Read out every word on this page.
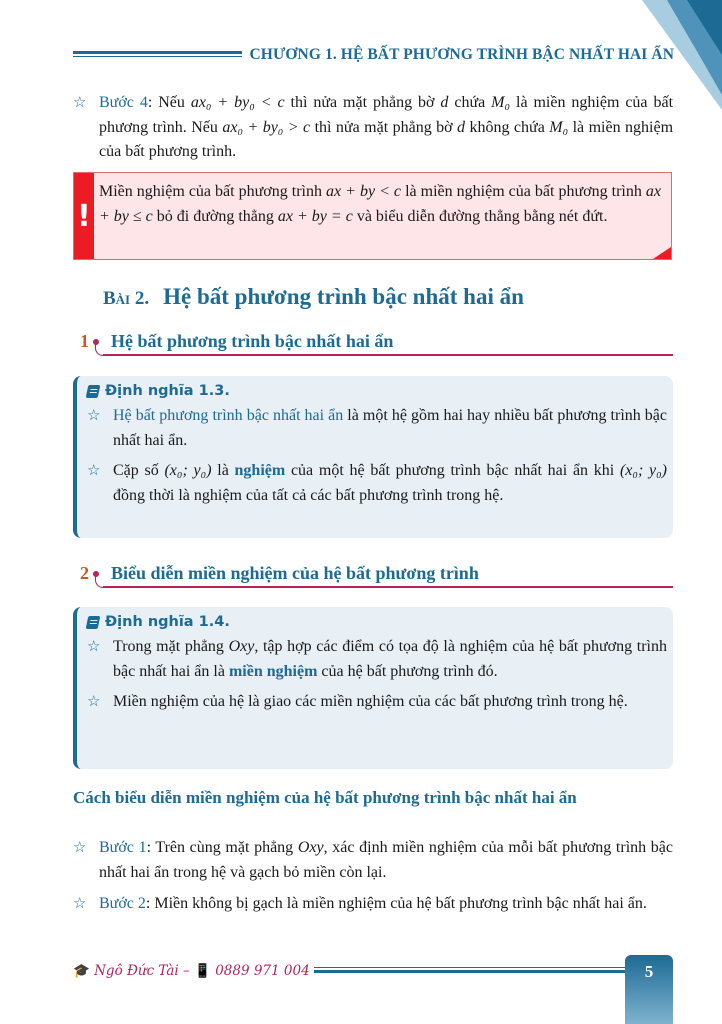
CHƯƠNG 1. HỆ BẤT PHƯƠNG TRÌNH BẬC NHẤT HAI ẨN
☆ Bước 4: Nếu ax₀ + by₀ < c thì nửa mặt phẳng bờ d chứa M₀ là miền nghiệm của bất phương trình. Nếu ax₀ + by₀ > c thì nửa mặt phẳng bờ d không chứa M₀ là miền nghiệm của bất phương trình.
!
Miền nghiệm của bất phương trình ax + by < c là miền nghiệm của bất phương trình ax + by ≤ c bỏ đi đường thẳng ax + by = c và biểu diễn đường thẳng bằng nét đứt.
Bài 2. Hệ bất phương trình bậc nhất hai ẩn
1 Hệ bất phương trình bậc nhất hai ẩn
Định nghĩa 1.3.
☆ Hệ bất phương trình bậc nhất hai ẩn là một hệ gồm hai hay nhiều bất phương trình bậc nhất hai ẩn.
☆ Cặp số (x₀; y₀) là nghiệm của một hệ bất phương trình bậc nhất hai ẩn khi (x₀; y₀) đồng thời là nghiệm của tất cả các bất phương trình trong hệ.
2 Biểu diễn miền nghiệm của hệ bất phương trình
Định nghĩa 1.4.
☆ Trong mặt phẳng Oxy, tập hợp các điểm có tọa độ là nghiệm của hệ bất phương trình bậc nhất hai ẩn là miền nghiệm của hệ bất phương trình đó.
☆ Miền nghiệm của hệ là giao các miền nghiệm của các bất phương trình trong hệ.
Cách biểu diễn miền nghiệm của hệ bất phương trình bậc nhất hai ẩn
☆ Bước 1: Trên cùng mặt phẳng Oxy, xác định miền nghiệm của mỗi bất phương trình bậc nhất hai ẩn trong hệ và gạch bỏ miền còn lại.
☆ Bước 2: Miền không bị gạch là miền nghiệm của hệ bất phương trình bậc nhất hai ẩn.
🎓 Ngô Đức Tài – 📱 0889 971 004	5
